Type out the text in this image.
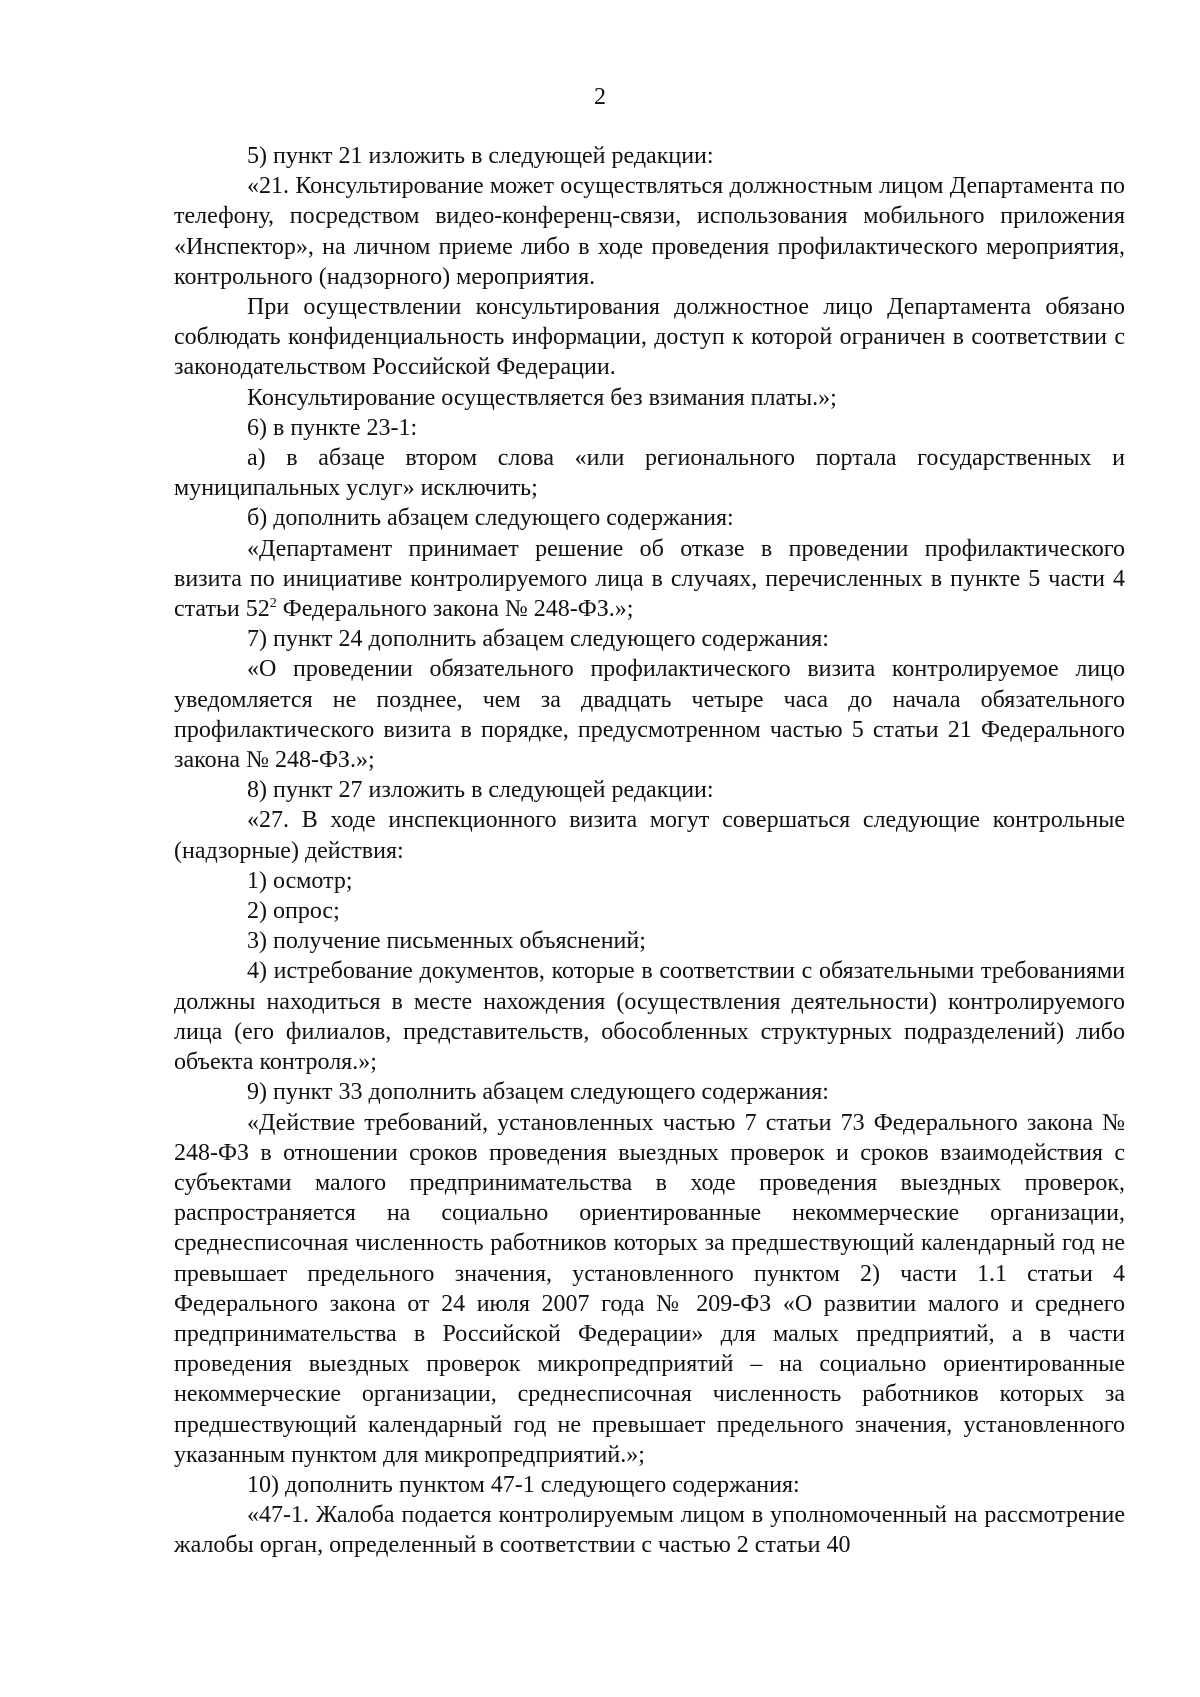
2

5) пункт 21 изложить в следующей редакции:

«21. Консультирование может осуществляться должностным лицом Департамента по телефону, посредством видео-конференц-связи, использования мобильного приложения «Инспектор», на личном приеме либо в ходе проведения профилактического мероприятия, контрольного (надзорного) мероприятия.

При осуществлении консультирования должностное лицо Департамента обязано соблюдать конфиденциальность информации, доступ к которой ограничен в соответствии с законодательством Российской Федерации.

Консультирование осуществляется без взимания платы.»;

6) в пункте 23-1:

а) в абзаце втором слова «или регионального портала государственных и муниципальных услуг» исключить;

б) дополнить абзацем следующего содержания:

«Департамент принимает решение об отказе в проведении профилактического визита по инициативе контролируемого лица в случаях, перечисленных в пункте 5 части 4 статьи $52^2$ Федерального закона № 248-ФЗ.»;

7) пункт 24 дополнить абзацем следующего содержания:

«О проведении обязательного профилактического визита контролируемое лицо уведомляется не позднее, чем за двадцать четыре часа до начала обязательного профилактического визита в порядке, предусмотренном частью 5 статьи 21 Федерального закона № 248-ФЗ.»;

8) пункт 27 изложить в следующей редакции:

«27. В ходе инспекционного визита могут совершаться следующие контрольные (надзорные) действия:

1) осмотр;

2) опрос;

3) получение письменных объяснений;

4) истребование документов, которые в соответствии с обязательными требованиями должны находиться в месте нахождения (осуществления деятельности) контролируемого лица (его филиалов, представительств, обособленных структурных подразделений) либо объекта контроля.»;

9) пункт 33 дополнить абзацем следующего содержания:

«Действие требований, установленных частью 7 статьи 73 Федерального закона № 248-ФЗ в отношении сроков проведения выездных проверок и сроков взаимодействия с субъектами малого предпринимательства в ходе проведения выездных проверок, распространяется на социально ориентированные некоммерческие организации, среднесписочная численность работников которых за предшествующий календарный год не превышает предельного значения, установленного пунктом 2) части 1.1 статьи 4 Федерального закона от 24 июля 2007 года № 209-ФЗ «О развитии малого и среднего предпринимательства в Российской Федерации» для малых предприятий, а в части проведения выездных проверок микропредприятий – на социально ориентированные некоммерческие организации, среднесписочная численность работников которых за предшествующий календарный год не превышает предельного значения, установленного указанным пунктом для микропредприятий.»;

10) дополнить пунктом 47-1 следующего содержания:

«47-1. Жалоба подается контролируемым лицом в уполномоченный на рассмотрение жалобы орган, определенный в соответствии с частью 2 статьи 40
